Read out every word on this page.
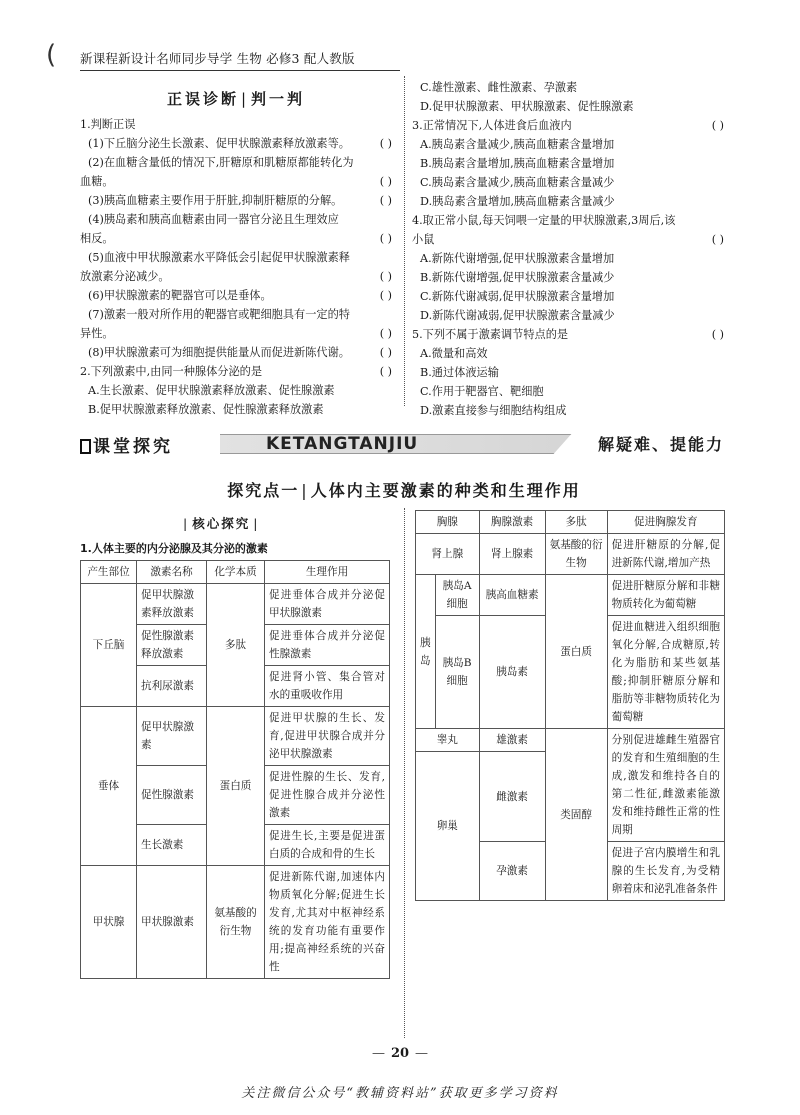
( 新课程新设计名师同步导学 生物 必修3 配人教版
正误诊断 | 判一判
1.判断正误
(1)下丘脑分泌生长激素、促甲状腺激素释放激素等。	( )
(2)在血糖含量低的情况下,肝糖原和肌糖原都能转化为
血糖。	( )
(3)胰高血糖素主要作用于肝脏,抑制肝糖原的分解。	( )
(4)胰岛素和胰高血糖素由同一器官分泌且生理效应
相反。	( )
(5)血液中甲状腺激素水平降低会引起促甲状腺激素释
放激素分泌减少。	( )
(6)甲状腺激素的靶器官可以是垂体。	( )
(7)激素一般对所作用的靶器官或靶细胞具有一定的特
异性。	( )
(8)甲状腺激素可为细胞提供能量从而促进新陈代谢。	( )
2.下列激素中,由同一种腺体分泌的是	( )
A.生长激素、促甲状腺激素释放激素、促性腺激素
B.促甲状腺激素释放激素、促性腺激素释放激素
C.雄性激素、雌性激素、孕激素
D.促甲状腺激素、甲状腺激素、促性腺激素
3.正常情况下,人体进食后血液内	( )
A.胰岛素含量减少,胰高血糖素含量增加
B.胰岛素含量增加,胰高血糖素含量增加
C.胰岛素含量减少,胰高血糖素含量减少
D.胰岛素含量增加,胰高血糖素含量减少
4.取正常小鼠,每天饲喂一定量的甲状腺激素,3周后,该
小鼠	( )
A.新陈代谢增强,促甲状腺激素含量增加
B.新陈代谢增强,促甲状腺激素含量减少
C.新陈代谢减弱,促甲状腺激素含量增加
D.新陈代谢减弱,促甲状腺激素含量减少
5.下列不属于激素调节特点的是	( )
A.微量和高效
B.通过体液运输
C.作用于靶器官、靶细胞
D.激素直接参与细胞结构组成
课堂探究	KETANGTANJIU	解疑难、提能力
探究点一 | 人体内主要激素的种类和生理作用
| 核心探究 |
1.人体主要的内分泌腺及其分泌的激素
产生部位	激素名称	化学本质	生理作用
下丘脑	促甲状腺激素释放激素	多肽	促进垂体合成并分泌促甲状腺激素
	促性腺激素释放激素		促进垂体合成并分泌促性腺激素
	抗利尿激素		促进肾小管、集合管对水的重吸收作用
垂体	促甲状腺激素	蛋白质	促进甲状腺的生长、发育,促进甲状腺合成并分泌甲状腺激素
	促性腺激素		促进性腺的生长、发育,促进性腺合成并分泌性激素
	生长激素		促进生长,主要是促进蛋白质的合成和骨的生长
甲状腺	甲状腺激素	氨基酸的衍生物	促进新陈代谢,加速体内物质氧化分解;促进生长发育,尤其对中枢神经系统的发育功能有重要作用;提高神经系统的兴奋性
胸腺		胸腺激素	多肽	促进胸腺发育
肾上腺		肾上腺素	氨基酸的衍生物	促进肝糖原的分解,促进新陈代谢,增加产热
胰岛	胰岛A细胞	胰高血糖素	蛋白质	促进肝糖原分解和非糖物质转化为葡萄糖
	胰岛B细胞	胰岛素		促进血糖进入组织细胞氧化分解,合成糖原,转化为脂肪和某些氨基酸;抑制肝糖原分解和脂肪等非糖物质转化为葡萄糖
睾丸		雄激素	类固醇	分别促进雄雌生殖器官的发育和生殖细胞的生成,激发和维持各自的第二性征,雌激素能激发和维持雌性正常的性周期
卵巢		雌激素		
		孕激素		促进子宫内膜增生和乳腺的生长发育,为受精卵着床和泌乳准备条件
— 20 —
关注微信公众号“教辅资料站”获取更多学习资料
